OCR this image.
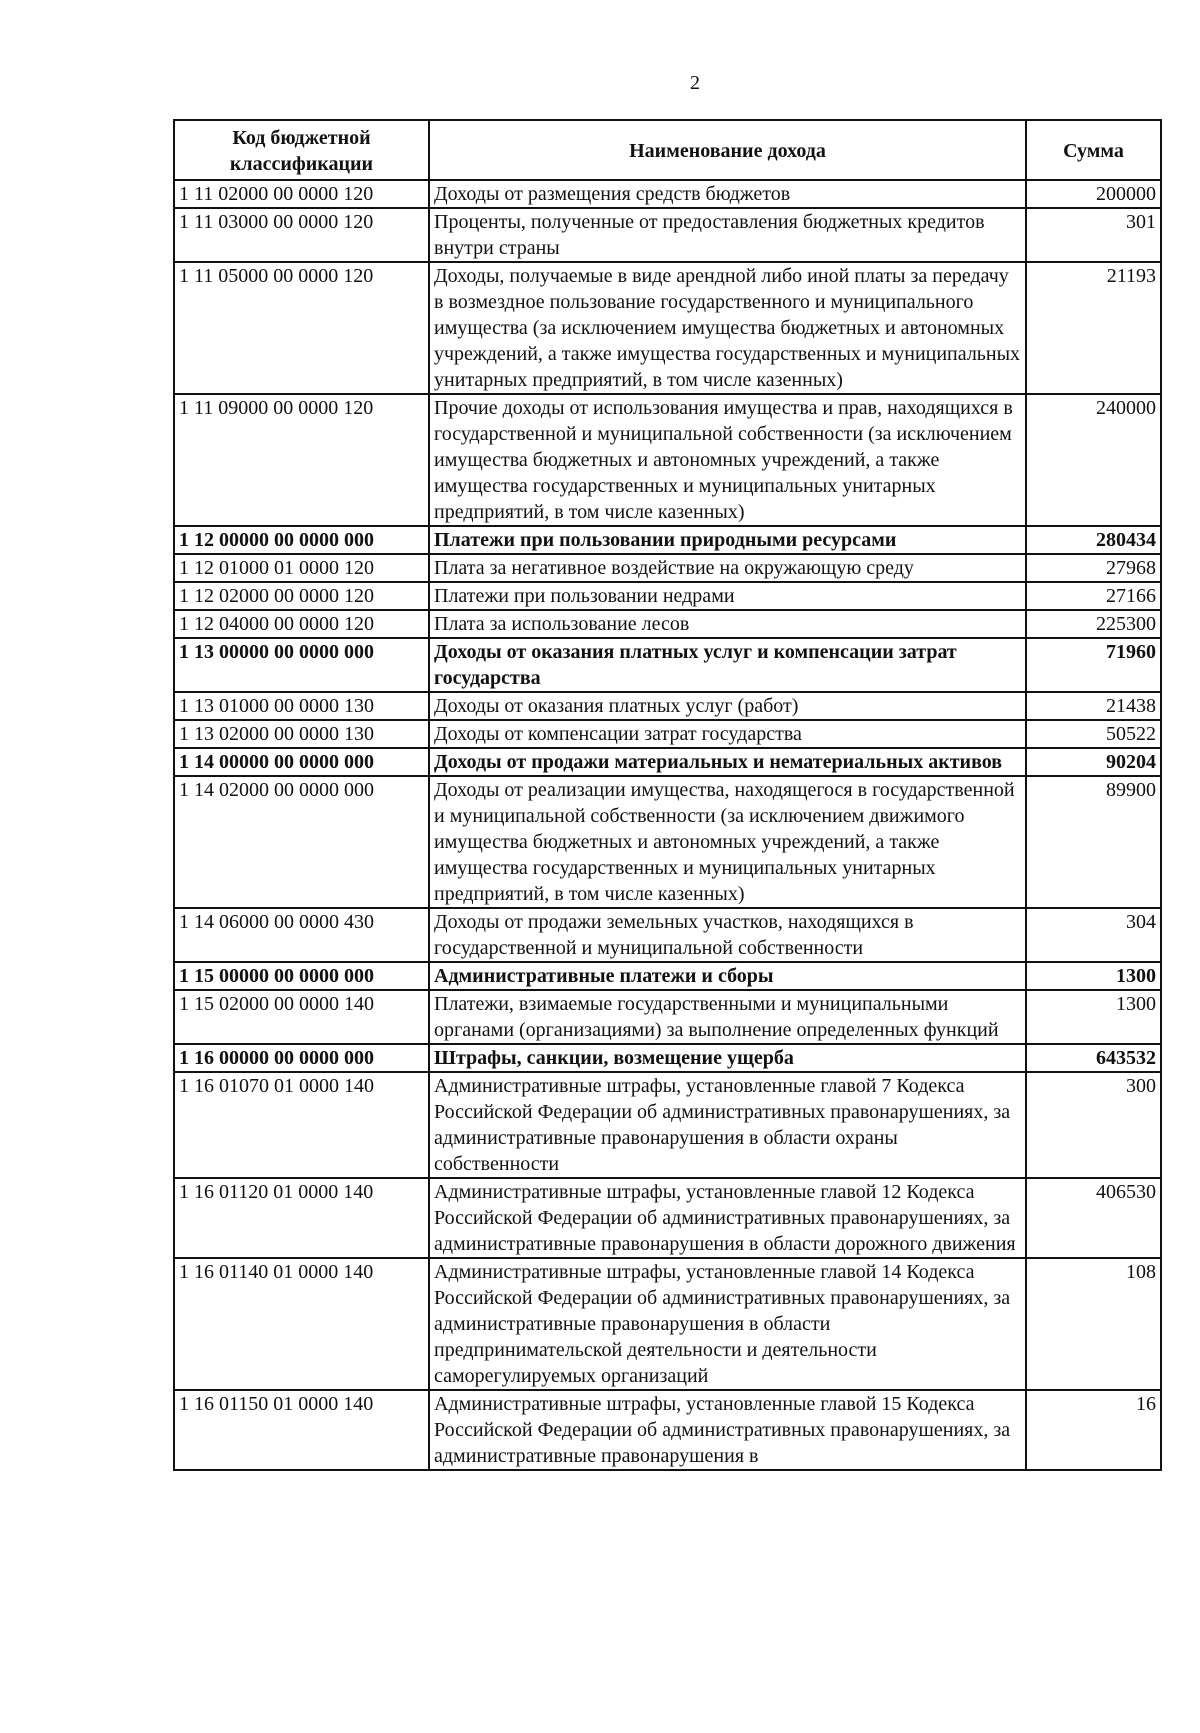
2
Код бюджетной классификации	Наименование дохода	Сумма
1 11 02000 00 0000 120	Доходы от размещения средств бюджетов	200000
1 11 03000 00 0000 120	Проценты, полученные от предоставления бюджетных кредитов внутри страны	301
1 11 05000 00 0000 120	Доходы, получаемые в виде арендной либо иной платы за передачу в возмездное пользование государственного и муниципального имущества (за исключением имущества бюджетных и автономных учреждений, а также имущества государственных и муниципальных унитарных предприятий, в том числе казенных)	21193
1 11 09000 00 0000 120	Прочие доходы от использования имущества и прав, находящихся в государственной и муниципальной собственности (за исключением имущества бюджетных и автономных учреждений, а также имущества государственных и муниципальных унитарных предприятий, в том числе казенных)	240000
1 12 00000 00 0000 000	Платежи при пользовании природными ресурсами	280434
1 12 01000 01 0000 120	Плата за негативное воздействие на окружающую среду	27968
1 12 02000 00 0000 120	Платежи при пользовании недрами	27166
1 12 04000 00 0000 120	Плата за использование лесов	225300
1 13 00000 00 0000 000	Доходы от оказания платных услуг и компенсации затрат государства	71960
1 13 01000 00 0000 130	Доходы от оказания платных услуг (работ)	21438
1 13 02000 00 0000 130	Доходы от компенсации затрат государства	50522
1 14 00000 00 0000 000	Доходы от продажи материальных и нематериальных активов	90204
1 14 02000 00 0000 000	Доходы от реализации имущества, находящегося в государственной и муниципальной собственности (за исключением движимого имущества бюджетных и автономных учреждений, а также имущества государственных и муниципальных унитарных предприятий, в том числе казенных)	89900
1 14 06000 00 0000 430	Доходы от продажи земельных участков, находящихся в государственной и муниципальной собственности	304
1 15 00000 00 0000 000	Административные платежи и сборы	1300
1 15 02000 00 0000 140	Платежи, взимаемые государственными и муниципальными органами (организациями) за выполнение определенных функций	1300
1 16 00000 00 0000 000	Штрафы, санкции, возмещение ущерба	643532
1 16 01070 01 0000 140	Административные штрафы, установленные главой 7 Кодекса Российской Федерации об административных правонарушениях, за административные правонарушения в области охраны собственности	300
1 16 01120 01 0000 140	Административные штрафы, установленные главой 12 Кодекса Российской Федерации об административных правонарушениях, за административные правонарушения в области дорожного движения	406530
1 16 01140 01 0000 140	Административные штрафы, установленные главой 14 Кодекса Российской Федерации об административных правонарушениях, за административные правонарушения в области предпринимательской деятельности и деятельности саморегулируемых организаций	108
1 16 01150 01 0000 140	Административные штрафы, установленные главой 15 Кодекса Российской Федерации об административных правонарушениях, за административные правонарушения в	16
